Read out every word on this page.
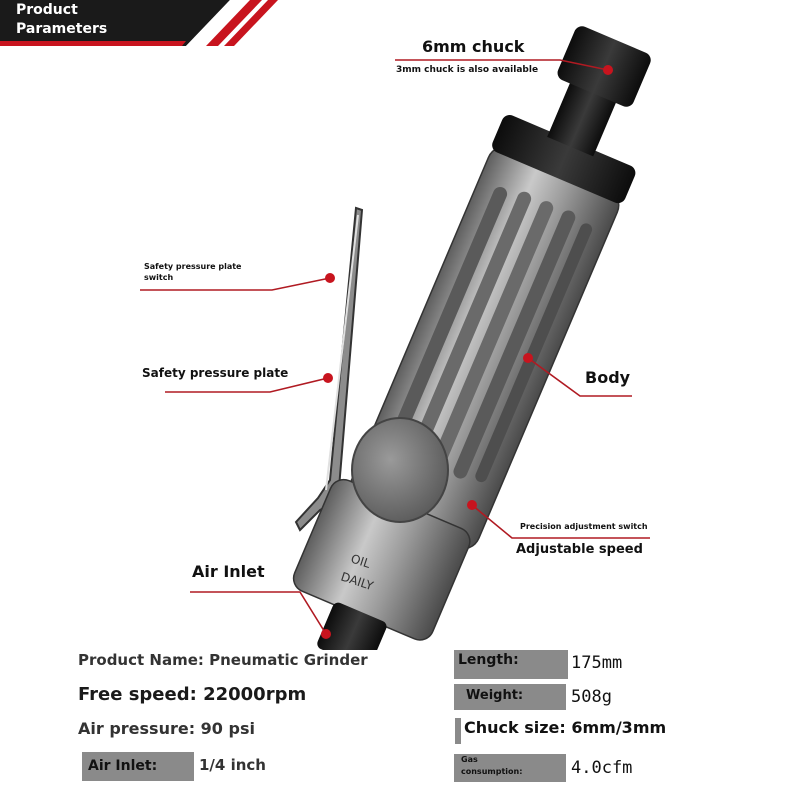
Product
Parameters
OIL
DAILY
6mm chuck
3mm chuck is also available
Safety pressure plate
switch
Safety pressure plate	Body
Precision adjustment switch
Adjustable speed
Air Inlet
Product Name: Pneumatic Grinder
Free speed: 22000rpm
Air pressure: 90 psi
Air Inlet:	1/4 inch
Length:	175mm
Weight:	508g
Chuck size: 6mm/3mm
Gas
consumption:	4.0cfm
